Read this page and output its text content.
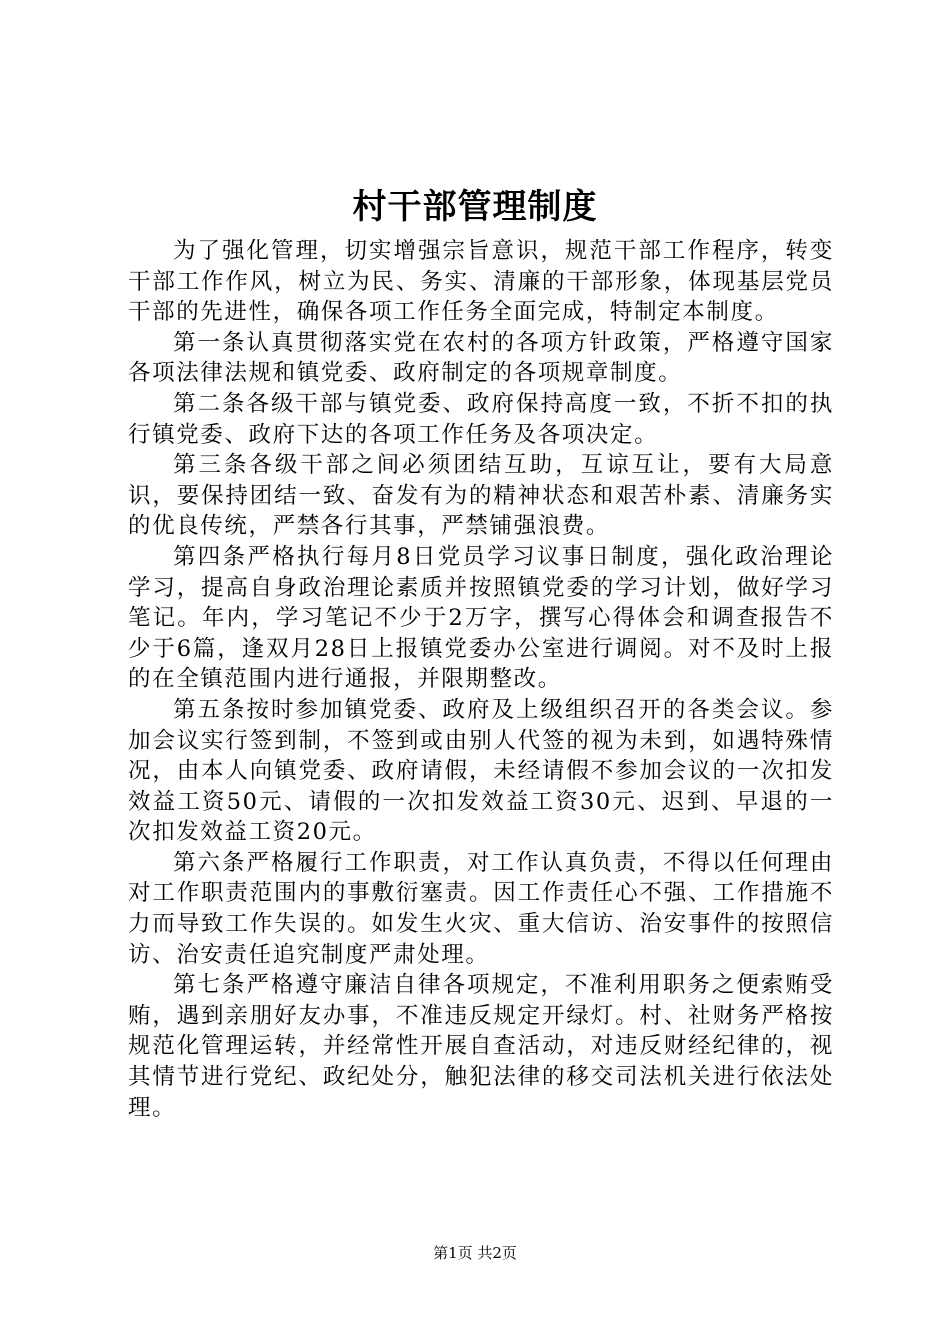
村干部管理制度

为了强化管理，切实增强宗旨意识，规范干部工作程序，转变干部工作作风，树立为民、务实、清廉的干部形象，体现基层党员干部的先进性，确保各项工作任务全面完成，特制定本制度。

第一条认真贯彻落实党在农村的各项方针政策，严格遵守国家各项法律法规和镇党委、政府制定的各项规章制度。

第二条各级干部与镇党委、政府保持高度一致，不折不扣的执行镇党委、政府下达的各项工作任务及各项决定。

第三条各级干部之间必须团结互助，互谅互让，要有大局意识，要保持团结一致、奋发有为的精神状态和艰苦朴素、清廉务实的优良传统，严禁各行其事，严禁铺强浪费。

第四条严格执行每月8日党员学习议事日制度，强化政治理论学习，提高自身政治理论素质并按照镇党委的学习计划，做好学习笔记。年内，学习笔记不少于2万字，撰写心得体会和调查报告不少于6篇，逢双月28日上报镇党委办公室进行调阅。对不及时上报的在全镇范围内进行通报，并限期整改。

第五条按时参加镇党委、政府及上级组织召开的各类会议。参加会议实行签到制，不签到或由别人代签的视为未到，如遇特殊情况，由本人向镇党委、政府请假，未经请假不参加会议的一次扣发效益工资50元、请假的一次扣发效益工资30元、迟到、早退的一次扣发效益工资20元。

第六条严格履行工作职责，对工作认真负责，不得以任何理由对工作职责范围内的事敷衍塞责。因工作责任心不强、工作措施不力而导致工作失误的。如发生火灾、重大信访、治安事件的按照信访、治安责任追究制度严肃处理。

第七条严格遵守廉洁自律各项规定，不准利用职务之便索贿受贿，遇到亲朋好友办事，不准违反规定开绿灯。村、社财务严格按规范化管理运转，并经常性开展自查活动，对违反财经纪律的，视其情节进行党纪、政纪处分，触犯法律的移交司法机关进行依法处理。

第1页 共2页
